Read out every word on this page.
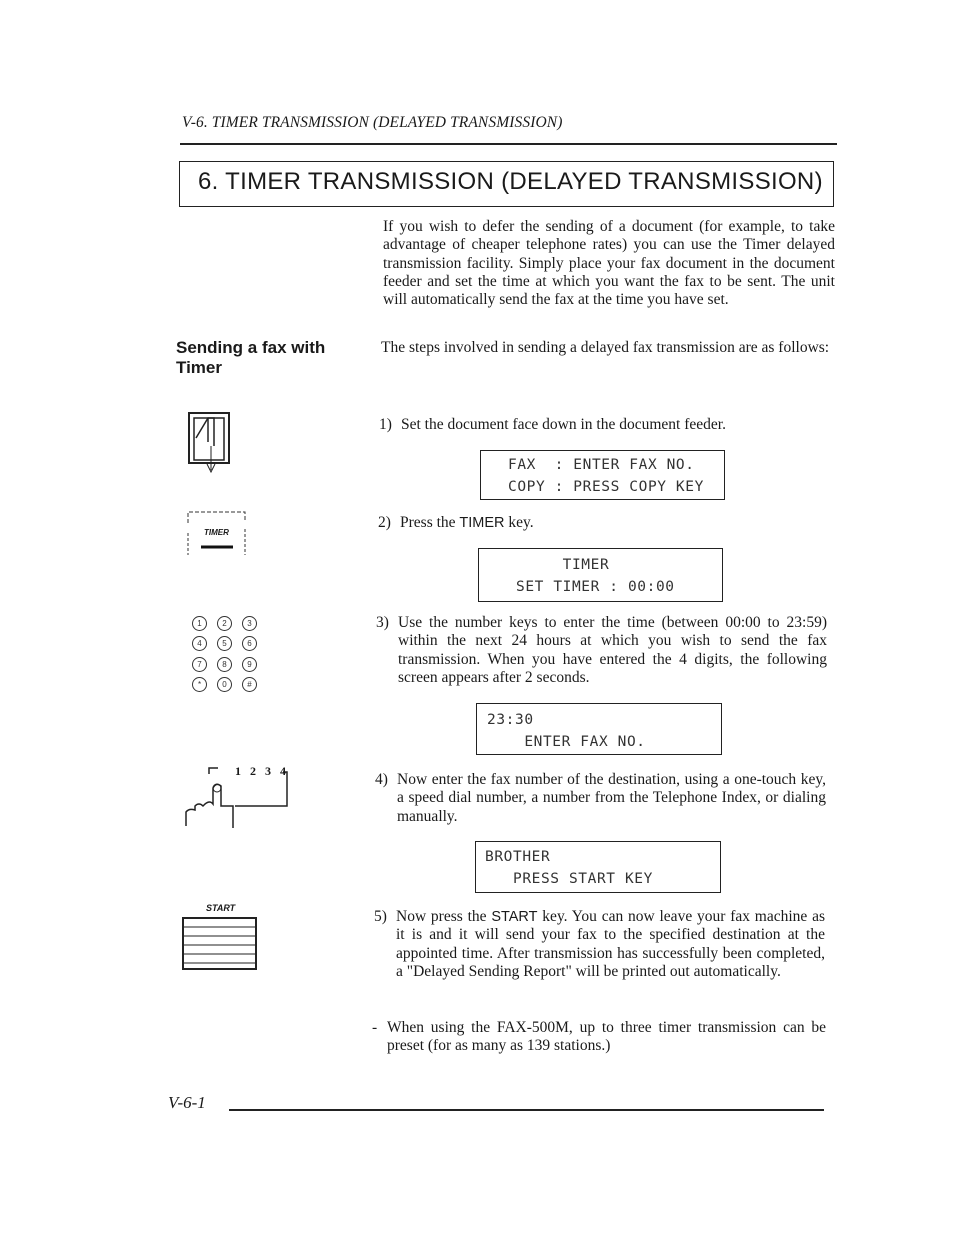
V-6. TIMER TRANSMISSION (DELAYED TRANSMISSION)
6. TIMER TRANSMISSION (DELAYED TRANSMISSION)
If you wish to defer the sending of a document (for example, to take advantage of cheaper telephone rates) you can use the Timer delayed transmission facility. Simply place your fax document in the document feeder and set the time at which you want the fax to be sent. The unit will automatically send the fax at the time you have set.
Sending a fax with Timer
The steps involved in sending a delayed fax transmission are as follows:
TIMER
1	2	3
4	5	6
7	8	9
*	0	#
1 2 3 4
START
1) Set the document face down in the document feeder.
FAX  : ENTER FAX NO.
COPY : PRESS COPY KEY
2) Press the TIMER key.
TIMER
SET TIMER : 00:00
3) Use the number keys to enter the time (between 00:00 to 23:59) within the next 24 hours at which you wish to send the fax transmission. When you have entered the 4 digits, the following screen appears after 2 seconds.
23:30
ENTER FAX NO.
4) Now enter the fax number of the destination, using a one-touch key, a speed dial number, a number from the Telephone Index, or dialing manually.
BROTHER
PRESS START KEY
5) Now press the START key. You can now leave your fax machine as it is and it will send your fax to the specified destination at the appointed time. After transmission has successfully been completed, a "Delayed Sending Report" will be printed out automatically.
- When using the FAX-500M, up to three timer transmission can be preset (for as many as 139 stations.)
V-6-1
